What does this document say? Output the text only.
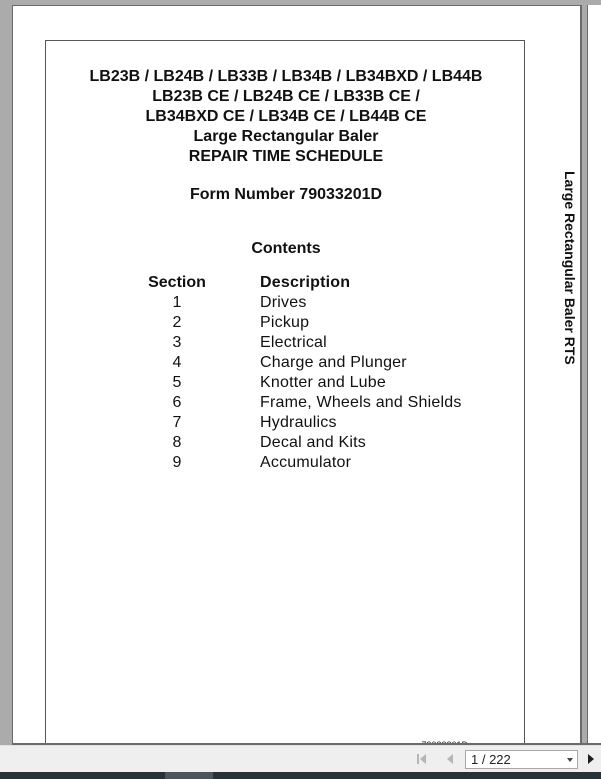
LB23B / LB24B / LB33B / LB34B / LB34BXD / LB44B
LB23B CE / LB24B CE / LB33B CE /
LB34BXD CE / LB34B CE / LB44B CE
Large Rectangular Baler
REPAIR TIME SCHEDULE
Form Number 79033201D
Contents
Section	Description
1	Drives
2	Pickup
3	Electrical
4	Charge and Plunger
5	Knotter and Lube
6	Frame, Wheels and Shields
7	Hydraulics
8	Decal and Kits
9	Accumulator
Large Rectangular Baler RTS
1 / 222
